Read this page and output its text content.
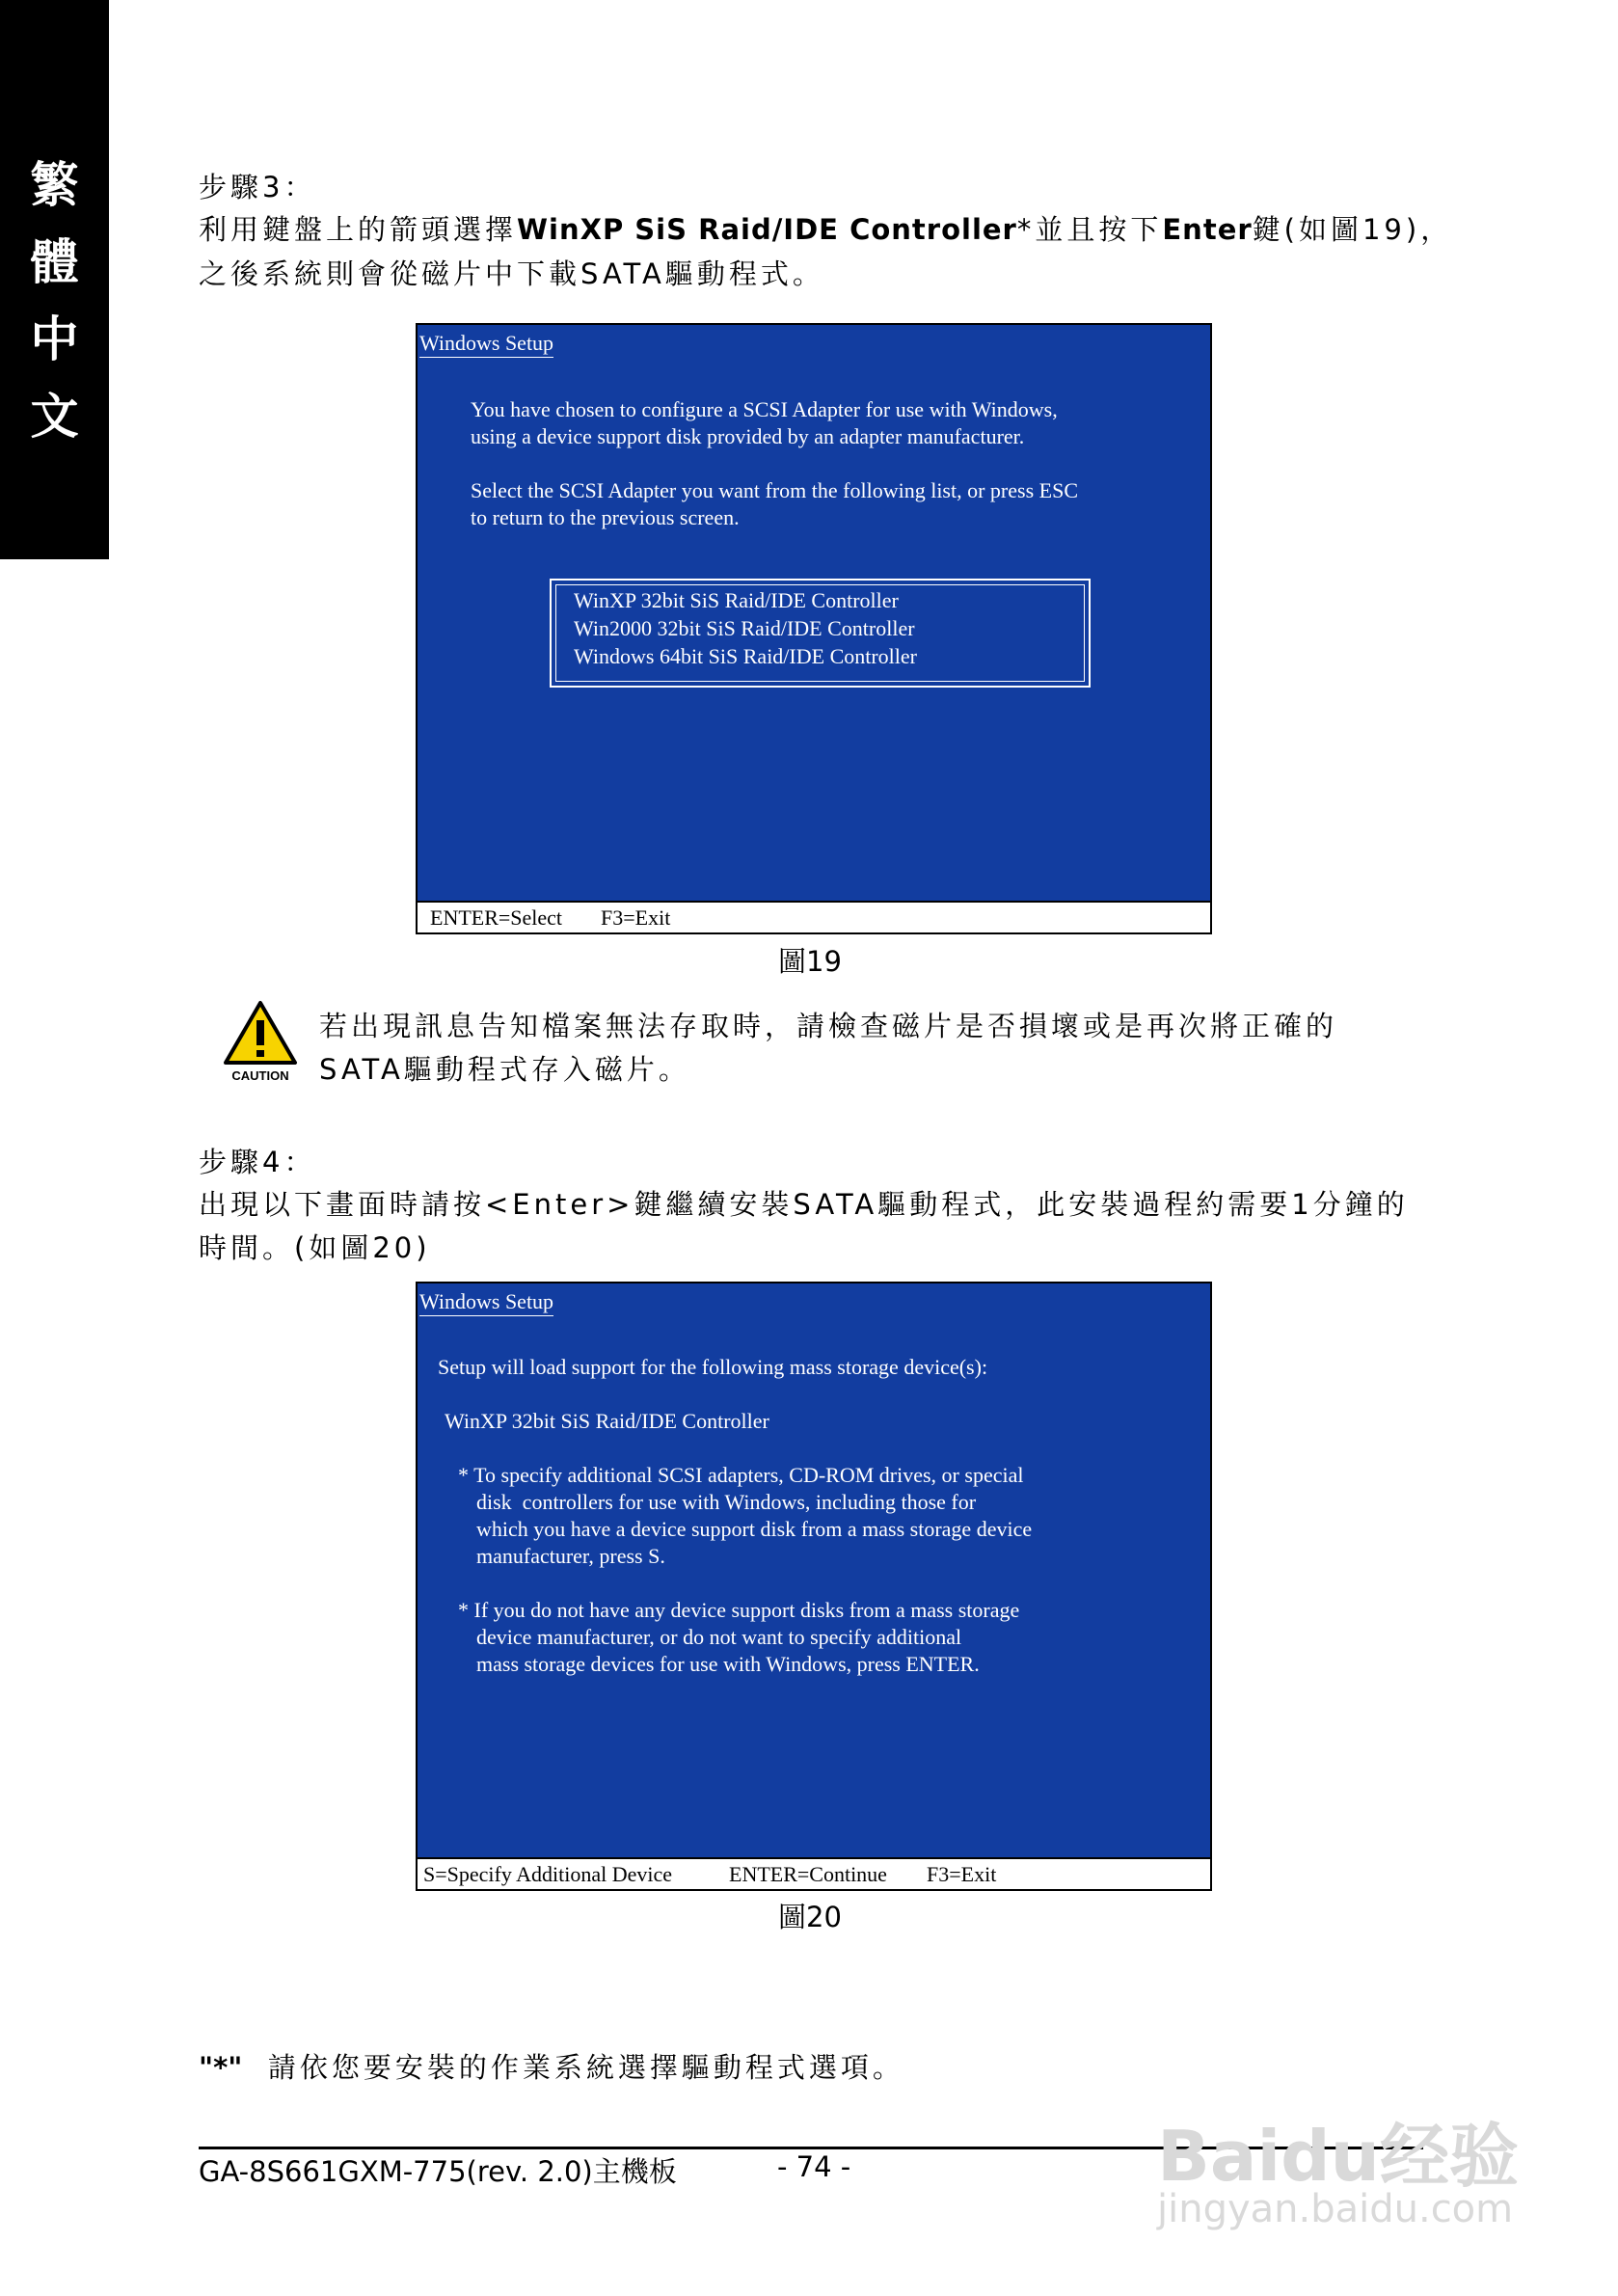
繁
體
中
文
步驟3：
利用鍵盤上的箭頭選擇WinXP SiS Raid/IDE Controller*並且按下Enter鍵(如圖19)，
之後系統則會從磁片中下載SATA驅動程式。
Windows Setup
You have chosen to configure a SCSI Adapter for use with Windows,
using a device support disk provided by an adapter manufacturer.
Select the SCSI Adapter you want from the following list, or press ESC
to return to the previous screen.
WinXP 32bit SiS Raid/IDE Controller
Win2000 32bit SiS Raid/IDE Controller
Windows 64bit SiS Raid/IDE Controller
ENTER=Select F3=Exit
圖19
CAUTION
若出現訊息告知檔案無法存取時，請檢查磁片是否損壞或是再次將正確的
SATA驅動程式存入磁片。
步驟4：
出現以下畫面時請按<Enter>鍵繼續安裝SATA驅動程式，此安裝過程約需要1分鐘的
時間。(如圖20)
Windows Setup
Setup will load support for the following mass storage device(s):
WinXP 32bit SiS Raid/IDE Controller
* To specify additional SCSI adapters, CD-ROM drives, or special
disk  controllers for use with Windows, including those for
which you have a device support disk from a mass storage device
manufacturer, press S.
* If you do not have any device support disks from a mass storage
device manufacturer, or do not want to specify additional
mass storage devices for use with Windows, press ENTER.
S=Specify Additional Device	ENTER=Continue F3=Exit
圖20
"*" 請依您要安裝的作業系統選擇驅動程式選項。
GA-8S661GXM-775(rev. 2.0)主機板	- 74 -	Baidu经验
jingyan.baidu.com
